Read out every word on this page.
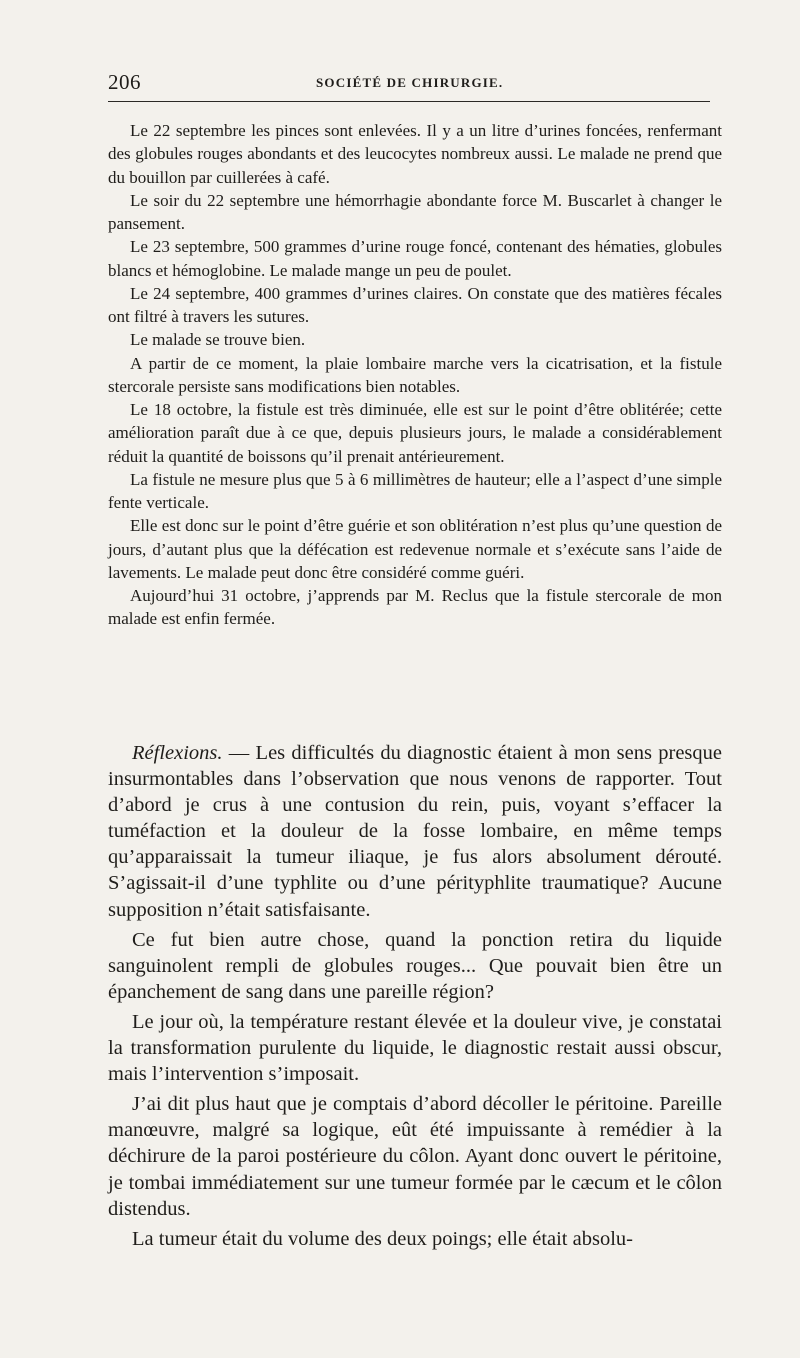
206	SOCIÉTÉ DE CHIRURGIE.

Le 22 septembre les pinces sont enlevées. Il y a un litre d’urines foncées, renfermant des globules rouges abondants et des leucocytes nombreux aussi. Le malade ne prend que du bouillon par cuillerées à café.

Le soir du 22 septembre une hémorrhagie abondante force M. Buscarlet à changer le pansement.

Le 23 septembre, 500 grammes d’urine rouge foncé, contenant des hématies, globules blancs et hémoglobine. Le malade mange un peu de poulet.

Le 24 septembre, 400 grammes d’urines claires. On constate que des matières fécales ont filtré à travers les sutures.

Le malade se trouve bien.

A partir de ce moment, la plaie lombaire marche vers la cicatrisation, et la fistule stercorale persiste sans modifications bien notables.

Le 18 octobre, la fistule est très diminuée, elle est sur le point d’être oblitérée; cette amélioration paraît due à ce que, depuis plusieurs jours, le malade a considérablement réduit la quantité de boissons qu’il prenait antérieurement.

La fistule ne mesure plus que 5 à 6 millimètres de hauteur; elle a l’aspect d’une simple fente verticale.

Elle est donc sur le point d’être guérie et son oblitération n’est plus qu’une question de jours, d’autant plus que la défécation est redevenue normale et s’exécute sans l’aide de lavements. Le malade peut donc être considéré comme guéri.

Aujourd’hui 31 octobre, j’apprends par M. Reclus que la fistule stercorale de mon malade est enfin fermée.

Réflexions. — Les difficultés du diagnostic étaient à mon sens presque insurmontables dans l’observation que nous venons de rapporter. Tout d’abord je crus à une contusion du rein, puis, voyant s’effacer la tuméfaction et la douleur de la fosse lombaire, en même temps qu’apparaissait la tumeur iliaque, je fus alors absolument dérouté. S’agissait-il d’une typhlite ou d’une pérityphlite traumatique? Aucune supposition n’était satisfaisante.

Ce fut bien autre chose, quand la ponction retira du liquide sanguinolent rempli de globules rouges... Que pouvait bien être un épanchement de sang dans une pareille région?

Le jour où, la température restant élevée et la douleur vive, je constatai la transformation purulente du liquide, le diagnostic restait aussi obscur, mais l’intervention s’imposait.

J’ai dit plus haut que je comptais d’abord décoller le péritoine. Pareille manœuvre, malgré sa logique, eût été impuissante à remédier à la déchirure de la paroi postérieure du côlon. Ayant donc ouvert le péritoine, je tombai immédiatement sur une tumeur formée par le cæcum et le côlon distendus.

La tumeur était du volume des deux poings; elle était absolu-
